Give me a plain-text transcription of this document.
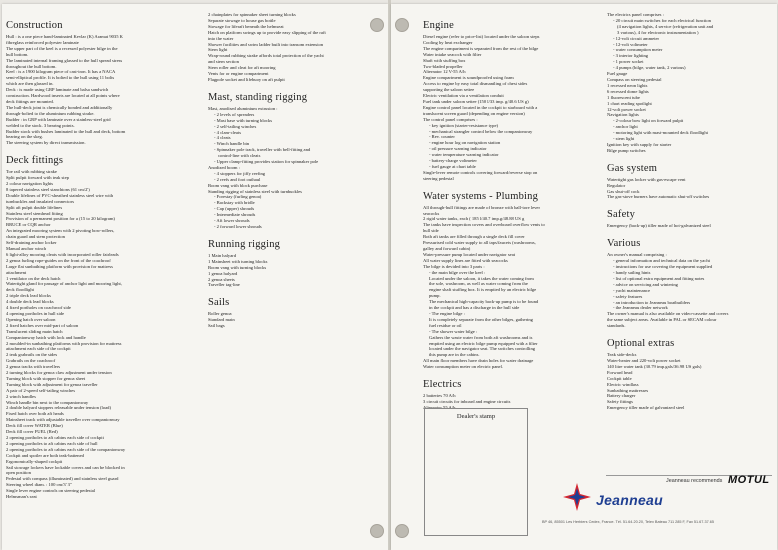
Construction
Hull : is a one piece hand-laminated Kevlar (K) Aramat 9035 K
fibreglass reinforced polyester laminate
The upper part of the keel is a recessed polyester bilge in the
hull bottom.
The laminated internal framing glassed to the hull spread stress
throughout the hull bottom.
Keel : is a 1900 kilogram piece of cast-iron. It has a NACA
semi-elliptical profile. It is bolted to the hull using 11 bolts
which are then glassed in.
Deck : is made using GRP laminate and balsa sandwich
construction. Hardwood inserts are located at all points where
deck fittings are mounted.
The hull-deck joint is chemically bonded and additionally
through-bolted to the aluminium rubbing strake.
Rudder : in GRP with laminate over a stainless-steel grid
welded to the stock. 3 bearing points.
Rudder stock with bushes laminated to the hull and deck, bottom
bearing on the skeg.
The steering system by direct transmission.
Deck fittings
Toe rail with rubbing strake
Split pulpit forward with teak step
2 colour navigation lights
8 tapered stainless steel stanchions (61 cm/2')
Double lifelines of PVC-sheathed stainless steel wire with
turnbuckles and insulated connectors
Split aft pulpit double lifelines
Stainless steel stemhead fitting
Provision of a permanent position for a (15 to 20 kilogram)
BRUCE or CQR anchor
An integrated mooring system with 2 pivoting bow-rollers,
chain guard and stem protection
Self-draining anchor locker
Manual anchor winch
6 light-alloy mooring cleats with incorporated roller fairleads
2 genoa furling rope-guides on the front of the coachroof
Large flat sunbathing platform with provision for mattress
attachment
1 ventilator on the deck hatch
Watertight gland for passage of anchor light and mooring light,
deck floodlight
2 triple deck lead blocks
4 double deck lead blocks
4 fixed portholes on coachroof side
4 opening portholes in hull side
Opening hatch over saloon
2 fixed hatches over mid-part of saloon
Translucent sliding main hatch
Companionway hatch with lock and handle
2 moulded-in sunbathing platforms with provision for mattress
attachment each side of the cockpit
2 teak grabrails on the sides
Grabrails on the coachroof
2 genoa tracks with travellers
2 turning blocks for genoa claw adjustment under tension
Turning block with stopper for genoa sheet
Turning block with adjustment for genoa traveller
A pair of 2-speed self-tailing winches
2 winch handles
Winch handle bin next to the companionway
2 double halyard stoppers releasable under tension (load)
Fixed hatch over both aft heads
Mainsheet track with adjustable traveller over companionway
Deck fill cover WATER (Blue)
Deck fill cover FUEL (Red)
2 opening portholes to aft cabins each side of cockpit
2 opening portholes to aft cabins each side of hull
2 opening portholes to aft cabins each side of the companionway
Cockpit and spoiler are both teak-battened
Ergonomically-shaped cockpit
Sail stowage lockers have lockable covers and can be blocked in
open position
Pedestal with compass (illuminated) and stainless steel guard
Steering wheel diam. : 100 cm/3' 3"
Single lever engine controls on steering pedestal
Helmsman's seat
2 chainplates for spinnaker sheet turning blocks
Separate stowage to house gas bottle
Stowage for liferaft beneath the helmseat
Hatch on platform swings up to provide easy slipping of the raft
into the water
Shower facilities and swim ladder built into transom extension
Stern light
Wrap-round rubbing strake affords total protection of the yacht
and stern section
Stern roller and cleat for aft mooring
Vents for or engine compartment
Flagpole socket and lifebuoy on aft pulpit
Mast, standing rigging
Mast, anodised aluminium extrusion :
- 2 levels of spreaders
- Mast base with turning blocks
- 2 self-tailing winches
- 4 clam-cleats
- 4 cleats
- Winch handle bin
- Spinnaker pole track, traveller with bell-fitting and
control-line with cleats
- Upper clamp-fitting provides station for spinnaker pole
Anodized boom :
- 4 stoppers for jiffy reefing
- 2 reefs and foot outhaul
Boom vang with block purchase
Standing rigging of stainless steel with turnbuckles
- Forestay (furling genoa)
- Backstay with bridle
- Cap (upper) shrouds
- Intermediate shrouds
- Aft lower shrouds
- 2 forward lower shrouds
Running rigging
1 Main halyard
1 Mainsheet with turning blocks
Boom vang with turning blocks
1 genoa halyard
2 genoa sheets
Traveller tag-line
Sails
Roller genoa
Standard main
Sail bags
Engine
Diesel engine (refer to price-list) located under the saloon steps
Cooling by heat exchanger
The engine compartment is separated from the rest of the bilge
Water intake seacock with filter
Shaft with stuffing box
Two-bladed propeller
Alternator 12 V-55 A/h
Engine compartment is soundproofed using foam
Access to engine by easy total dismantling of chest sides
supporting the saloon settee
Electric ventilation via a ventilation conduit
Fuel tank under saloon settee (150 l/33 imp. g/40.6 US g)
Engine control panel located in the cockpit to starboard with a
translucent screen guard (depending on engine version)
The control panel comprises :
- key ignition (starter-resistance type)
- mechanical strangler control below the companionway
- Rev. counter
- engine hour log on navigation station
- oil pressure warning indicator
- water temperature warning indicator
- battery-charge voltmeter
- fuel gauge at chart table
Single-lever remote controls covering forward/reverse stop on
steering pedestal
Water systems - Plumbing
All through-hull fittings are made of bronze with ball-tore lever
seacocks
2 rigid water tanks, each ( 185 l/40.7 imp.g/48.88 US g
The tanks have inspection covers and overboard overflow vents to
hull side
Both aft tanks are filled through a single deck fill cover
Pressurised cold water supply to all taps/faucets (washrooms,
galley and forward cabin)
Water-pressure pump located under navigator seat
All water supply lines are fitted with seacocks
The bilge is devided into 3 parts :
- the main bilge over the keel :
Located under the saloon, it takes the water coming from
the sole, washroom, as well as water coming from the
engine shaft stuffing box. It is emptied by an electric bilge
pump.
The mechanical high-capacity back-up pump is to be found
in the cockpit and has a discharge in the hull side
- The engine bilge :
It is completely separate from the other bilges, gathering
fuel residue or oil
- The shower water bilge :
Gathers the waste water from both aft washrooms and is
emptied using an electric bilge pump equipped with a filter
located under the navigator seat. The switches controlling
this pump are in the cabins.
All main floor members have drain holes for water drainage
Water consumption meter on electric panel.
Electrics
2 batteries 70 A/h
3 circuit circuits for inboard and engine circuits
Alternator 55 A/h
The electrics panel comprises :
- 20 circuit main switches for each electrical function
(4 navigation lights, 4 service (refrigeration unit and
3 various), 4 for electronic instrumentation )
- 12-volt circuit ammeter
- 12-volt voltmeter
- water consumption meter
- 3 interior lighting
- 1 power socket
- 4 pumps (bilge, water tank, 2 various)
Fuel gauge
Compass on steering pedestal
1 recessed neon lights
6 recessed dome lights
1 fluorescent tube
1 chart reading spotlight
12-volt power socket
Navigation lights
- 2-colour bow light on forward pulpit
- anchor light
- motoring light with mast-mounted deck floodlight
- stern light
Ignition key with supply for starter
Bilge pump switches
Gas system
Watertight gas locker with gas-escape vent
Regulator
Gas shut-off cock
The gas-stove burners have automatic shut-off switches
Safety
Emergency (back-up) tiller made of hot-galvanized steel
Various
An owner's manual comprising :
- general information and technical data on the yacht
- instructions for use covering the equipment supplied
- handy sailing hints
- list of optional extra equipment and fitting notes
- advice on servicing and wintering
- yacht maintenance
- safety features
- an introduction to Jeanneau boatbuilders
- the Jeanneau dealer network
The owner's manual is also available on video-cassette and covers
the same subject areas. Available in PAL or SECAM colour
standards.
Optional extras
Teak side-decks
Water-heater and 220-volt power socket
140 litre water tank (30.79 imp.gals/36.98 US gals)
Forward head
Cockpit table
Electric windlass
Sunbathing mattresses
Battery charger
Safety fittings
Emergency tiller made of galvanized steel
Dealer's stamp
Jeanneau recommends MOTUL
Jeanneau
BP 46, 85501 Les Herbiers Cedex, France. Tél. 51.64.20.20, Telex Bateau 711 285 F, Fax 51.67.37.65
